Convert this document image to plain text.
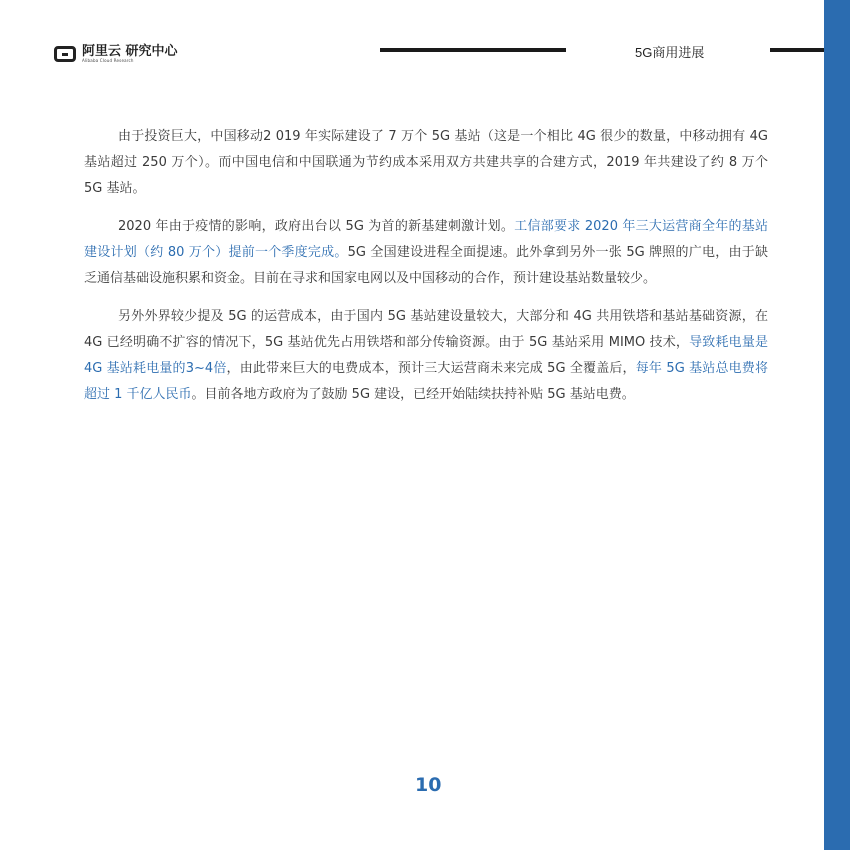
阿里云 研究中心
Alibaba Cloud Research	5G商用进展

由于投资巨大，中国移动2 019 年实际建设了 7 万个 5G 基站（这是一个相比 4G 很少的数量，中移动拥有 4G 基站超过 250 万个）。而中国电信和中国联通为节约成本采用双方共建共享的合建方式，2019 年共建设了约 8 万个 5G 基站。

2020 年由于疫情的影响，政府出台以 5G 为首的新基建刺激计划。工信部要求 2020 年三大运营商全年的基站建设计划（约 80 万个）提前一个季度完成。5G 全国建设进程全面提速。此外拿到另外一张 5G 牌照的广电，由于缺乏通信基础设施积累和资金。目前在寻求和国家电网以及中国移动的合作，预计建设基站数量较少。

另外外界较少提及 5G 的运营成本，由于国内 5G 基站建设量较大，大部分和 4G 共用铁塔和基站基础资源，在 4G 已经明确不扩容的情况下，5G 基站优先占用铁塔和部分传输资源。由于 5G 基站采用 MIMO 技术，导致耗电量是 4G 基站耗电量的3~4倍，由此带来巨大的电费成本，预计三大运营商未来完成 5G 全覆盖后，每年 5G 基站总电费将超过 1 千亿人民币。目前各地方政府为了鼓励 5G 建设，已经开始陆续扶持补贴 5G 基站电费。

10
